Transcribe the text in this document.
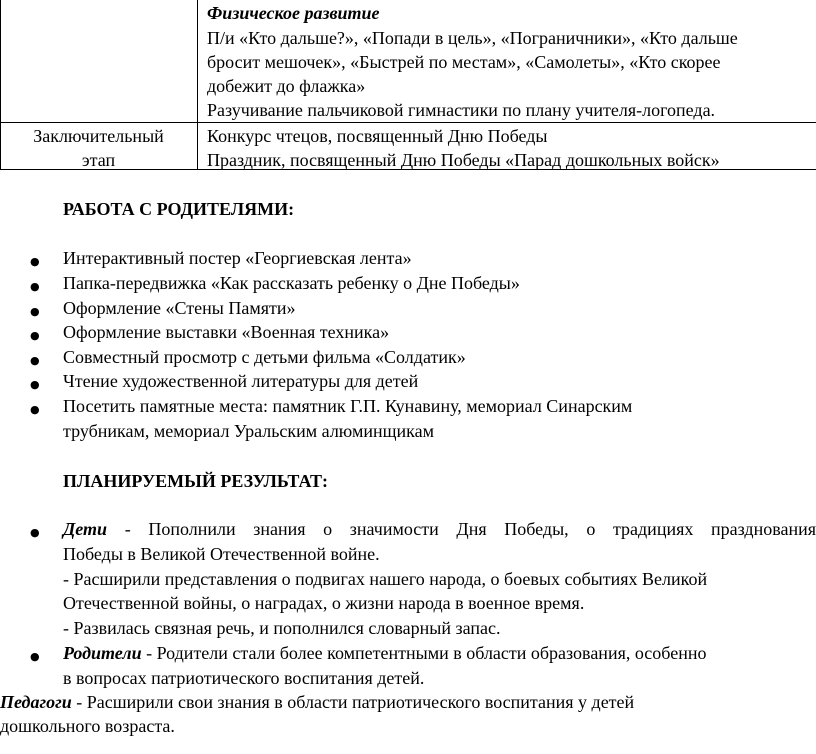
Физическое развитие
П/и «Кто дальше?», «Попади в цель», «Пограничники», «Кто дальше
бросит мешочек», «Быстрей по местам», «Самолеты», «Кто скорее
добежит до флажка»
Разучивание пальчиковой гимнастики по плану учителя-логопеда.
Заключительный
этап
Конкурс чтецов, посвященный Дню Победы
Праздник, посвященный Дню Победы «Парад дошкольных войск»
РАБОТА С РОДИТЕЛЯМИ:
● Интерактивный постер «Георгиевская лента»
● Папка-передвижка «Как рассказать ребенку о Дне Победы»
● Оформление «Стены Памяти»
● Оформление выставки «Военная техника»
● Совместный просмотр с детьми фильма «Солдатик»
● Чтение художественной литературы для детей
● Посетить памятные места: памятник Г.П. Кунавину, мемориал Синарским
трубникам, мемориал Уральским алюминщикам
ПЛАНИРУЕМЫЙ РЕЗУЛЬТАТ:
● Дети - Пополнили знания о значимости Дня Победы, о традициях празднования
Победы в Великой Отечественной войне.
- Расширили представления о подвигах нашего народа, о боевых событиях Великой
Отечественной войны, о наградах, о жизни народа в военное время.
- Развилась связная речь, и пополнился словарный запас.
● Родители - Родители стали более компетентными в области образования, особенно
в вопросах патриотического воспитания детей.
Педагоги - Расширили свои знания в области патриотического воспитания у детей
дошкольного возраста.
